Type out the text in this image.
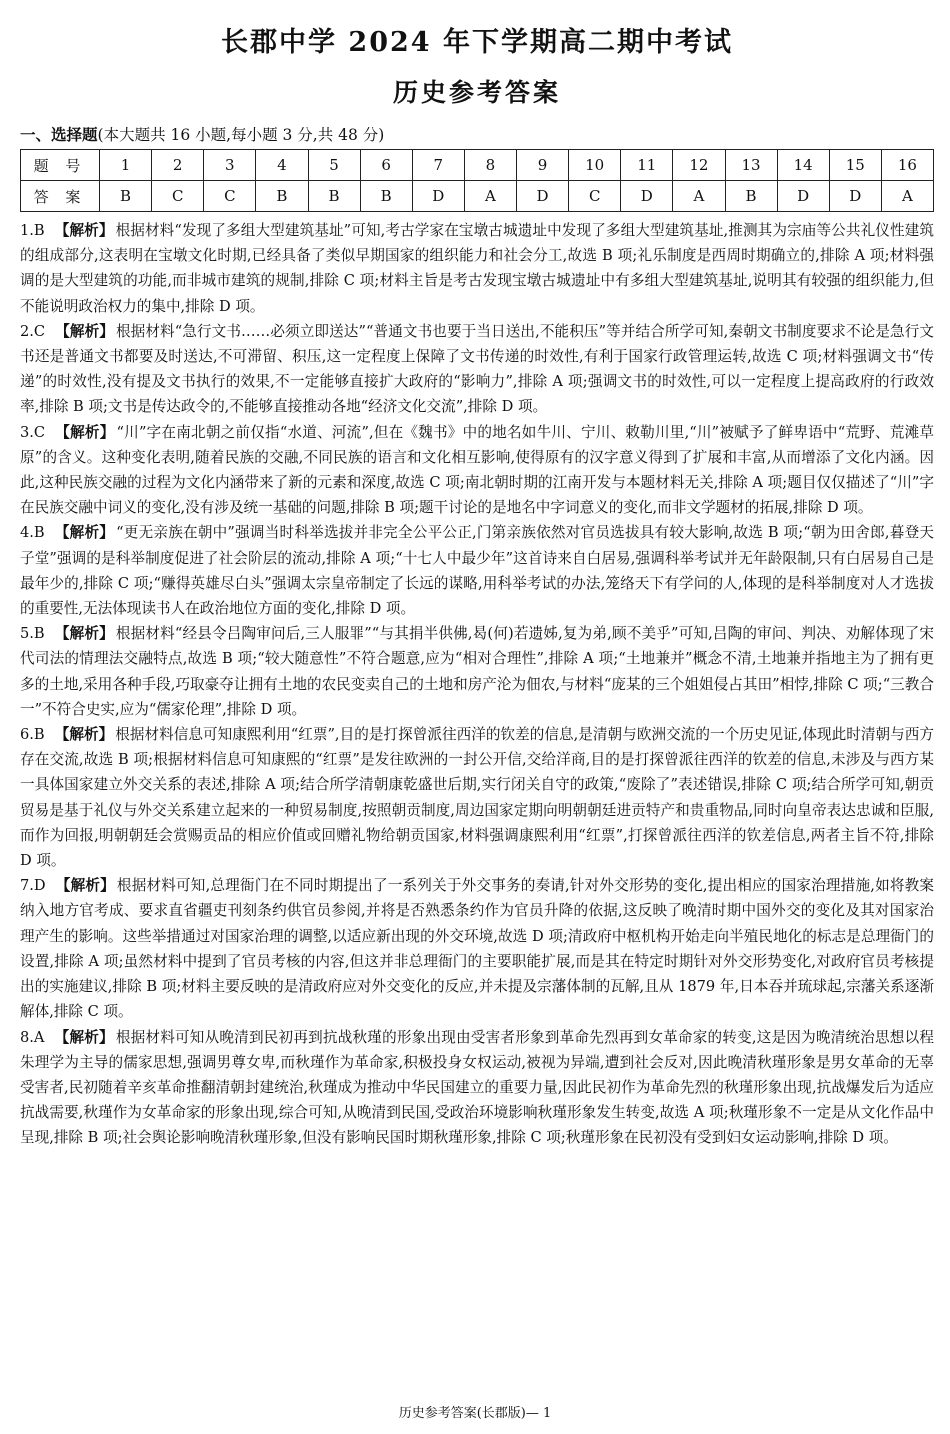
长郡中学 2024 年下学期高二期中考试
历史参考答案
一、选择题(本大题共 16 小题,每小题 3 分,共 48 分)
题 号	1	2	3	4	5	6	7	8	9	10	11	12	13	14	15	16
答 案	B	C	C	B	B	B	D	A	D	C	D	A	B	D	D	A

1.B 【解析】 根据材料“发现了多组大型建筑基址”可知,考古学家在宝墩古城遗址中发现了多组大型建筑基址,推测其为宗庙等公共礼仪性建筑的组成部分,这表明在宝墩文化时期,已经具备了类似早期国家的组织能力和社会分工,故选 B 项;礼乐制度是西周时期确立的,排除 A 项;材料强调的是大型建筑的功能,而非城市建筑的规制,排除 C 项;材料主旨是考古发现宝墩古城遗址中有多组大型建筑基址,说明其有较强的组织能力,但不能说明政治权力的集中,排除 D 项。

2.C 【解析】 根据材料“急行文书……必须立即送达”“普通文书也要于当日送出,不能积压”等并结合所学可知,秦朝文书制度要求不论是急行文书还是普通文书都要及时送达,不可滞留、积压,这一定程度上保障了文书传递的时效性,有利于国家行政管理运转,故选 C 项;材料强调文书“传递”的时效性,没有提及文书执行的效果,不一定能够直接扩大政府的“影响力”,排除 A 项;强调文书的时效性,可以一定程度上提高政府的行政效率,排除 B 项;文书是传达政令的,不能够直接推动各地“经济文化交流”,排除 D 项。

3.C 【解析】 “川”字在南北朝之前仅指“水道、河流”,但在《魏书》中的地名如牛川、宁川、敕勒川里,“川”被赋予了鲜卑语中“荒野、荒滩草原”的含义。这种变化表明,随着民族的交融,不同民族的语言和文化相互影响,使得原有的汉字意义得到了扩展和丰富,从而增添了文化内涵。因此,这种民族交融的过程为文化内涵带来了新的元素和深度,故选 C 项;南北朝时期的江南开发与本题材料无关,排除 A 项;题目仅仅描述了“川”字在民族交融中词义的变化,没有涉及统一基础的问题,排除 B 项;题干讨论的是地名中字词意义的变化,而非文学题材的拓展,排除 D 项。

4.B 【解析】 “更无亲族在朝中”强调当时科举选拔并非完全公平公正,门第亲族依然对官员选拔具有较大影响,故选 B 项;“朝为田舍郎,暮登天子堂”强调的是科举制度促进了社会阶层的流动,排除 A 项;“十七人中最少年”这首诗来自白居易,强调科举考试并无年龄限制,只有白居易自己是最年少的,排除 C 项;“赚得英雄尽白头”强调太宗皇帝制定了长远的谋略,用科举考试的办法,笼络天下有学问的人,体现的是科举制度对人才选拔的重要性,无法体现读书人在政治地位方面的变化,排除 D 项。

5.B 【解析】 根据材料“经县令吕陶审问后,三人服罪”“与其捐半供佛,曷(何)若遗姊,复为弟,顾不美乎”可知,吕陶的审问、判决、劝解体现了宋代司法的情理法交融特点,故选 B 项;“较大随意性”不符合题意,应为“相对合理性”,排除 A 项;“土地兼并”概念不清,土地兼并指地主为了拥有更多的土地,采用各种手段,巧取豪夺让拥有土地的农民变卖自己的土地和房产沦为佃农,与材料“庞某的三个姐姐侵占其田”相悖,排除 C 项;“三教合一”不符合史实,应为“儒家伦理”,排除 D 项。

6.B 【解析】 根据材料信息可知康熙利用“红票”,目的是打探曾派往西洋的钦差的信息,是清朝与欧洲交流的一个历史见证,体现此时清朝与西方存在交流,故选 B 项;根据材料信息可知康熙的“红票”是发往欧洲的一封公开信,交给洋商,目的是打探曾派往西洋的钦差的信息,未涉及与西方某一具体国家建立外交关系的表述,排除 A 项;结合所学清朝康乾盛世后期,实行闭关自守的政策,“废除了”表述错误,排除 C 项;结合所学可知,朝贡贸易是基于礼仪与外交关系建立起来的一种贸易制度,按照朝贡制度,周边国家定期向明朝朝廷进贡特产和贵重物品,同时向皇帝表达忠诚和臣服,而作为回报,明朝朝廷会赏赐贡品的相应价值或回赠礼物给朝贡国家,材料强调康熙利用“红票”,打探曾派往西洋的钦差信息,两者主旨不符,排除 D 项。

7.D 【解析】 根据材料可知,总理衙门在不同时期提出了一系列关于外交事务的奏请,针对外交形势的变化,提出相应的国家治理措施,如将教案纳入地方官考成、要求直省疆吏刊刻条约供官员参阅,并将是否熟悉条约作为官员升降的依据,这反映了晚清时期中国外交的变化及其对国家治理产生的影响。这些举措通过对国家治理的调整,以适应新出现的外交环境,故选 D 项;清政府中枢机构开始走向半殖民地化的标志是总理衙门的设置,排除 A 项;虽然材料中提到了官员考核的内容,但这并非总理衙门的主要职能扩展,而是其在特定时期针对外交形势变化,对政府官员考核提出的实施建议,排除 B 项;材料主要反映的是清政府应对外交变化的反应,并未提及宗藩体制的瓦解,且从 1879 年,日本吞并琉球起,宗藩关系逐渐解体,排除 C 项。

8.A 【解析】 根据材料可知从晚清到民初再到抗战秋瑾的形象出现由受害者形象到革命先烈再到女革命家的转变,这是因为晚清统治思想以程朱理学为主导的儒家思想,强调男尊女卑,而秋瑾作为革命家,积极投身女权运动,被视为异端,遭到社会反对,因此晚清秋瑾形象是男女革命的无辜受害者,民初随着辛亥革命推翻清朝封建统治,秋瑾成为推动中华民国建立的重要力量,因此民初作为革命先烈的秋瑾形象出现,抗战爆发后为适应抗战需要,秋瑾作为女革命家的形象出现,综合可知,从晚清到民国,受政治环境影响秋瑾形象发生转变,故选 A 项;秋瑾形象不一定是从文化作品中呈现,排除 B 项;社会舆论影响晚清秋瑾形象,但没有影响民国时期秋瑾形象,排除 C 项;秋瑾形象在民初没有受到妇女运动影响,排除 D 项。

历史参考答案(长郡版)— 1
